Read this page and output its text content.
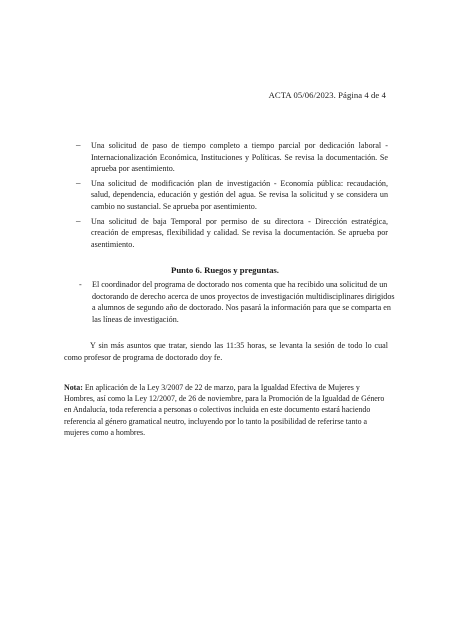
ACTA 05/06/2023. Página 4 de 4
– Una solicitud de paso de tiempo completo a tiempo parcial por dedicación laboral - Internacionalización Económica, Instituciones y Políticas. Se revisa la documentación. Se aprueba por asentimiento.
– Una solicitud de modificación plan de investigación - Economía pública: recaudación, salud, dependencia, educación y gestión del agua. Se revisa la solicitud y se considera un cambio no sustancial. Se aprueba por asentimiento.
– Una solicitud de baja Temporal por permiso de su directora - Dirección estratégica, creación de empresas, flexibilidad y calidad. Se revisa la documentación. Se aprueba por asentimiento.
Punto 6. Ruegos y preguntas.
- El coordinador del programa de doctorado nos comenta que ha recibido una solicitud de un doctorando de derecho acerca de unos proyectos de investigación multidisciplinares dirigidos a alumnos de segundo año de doctorado. Nos pasará la información para que se comparta en las líneas de investigación.
Y sin más asuntos que tratar, siendo las 11:35 horas, se levanta la sesión de todo lo cual como profesor de programa de doctorado doy fe.
Nota: En aplicación de la Ley 3/2007 de 22 de marzo, para la Igualdad Efectiva de Mujeres y Hombres, así como la Ley 12/2007, de 26 de noviembre, para la Promoción de la Igualdad de Género en Andalucía, toda referencia a personas o colectivos incluida en este documento estará haciendo referencia al género gramatical neutro, incluyendo por lo tanto la posibilidad de referirse tanto a mujeres como a hombres.
